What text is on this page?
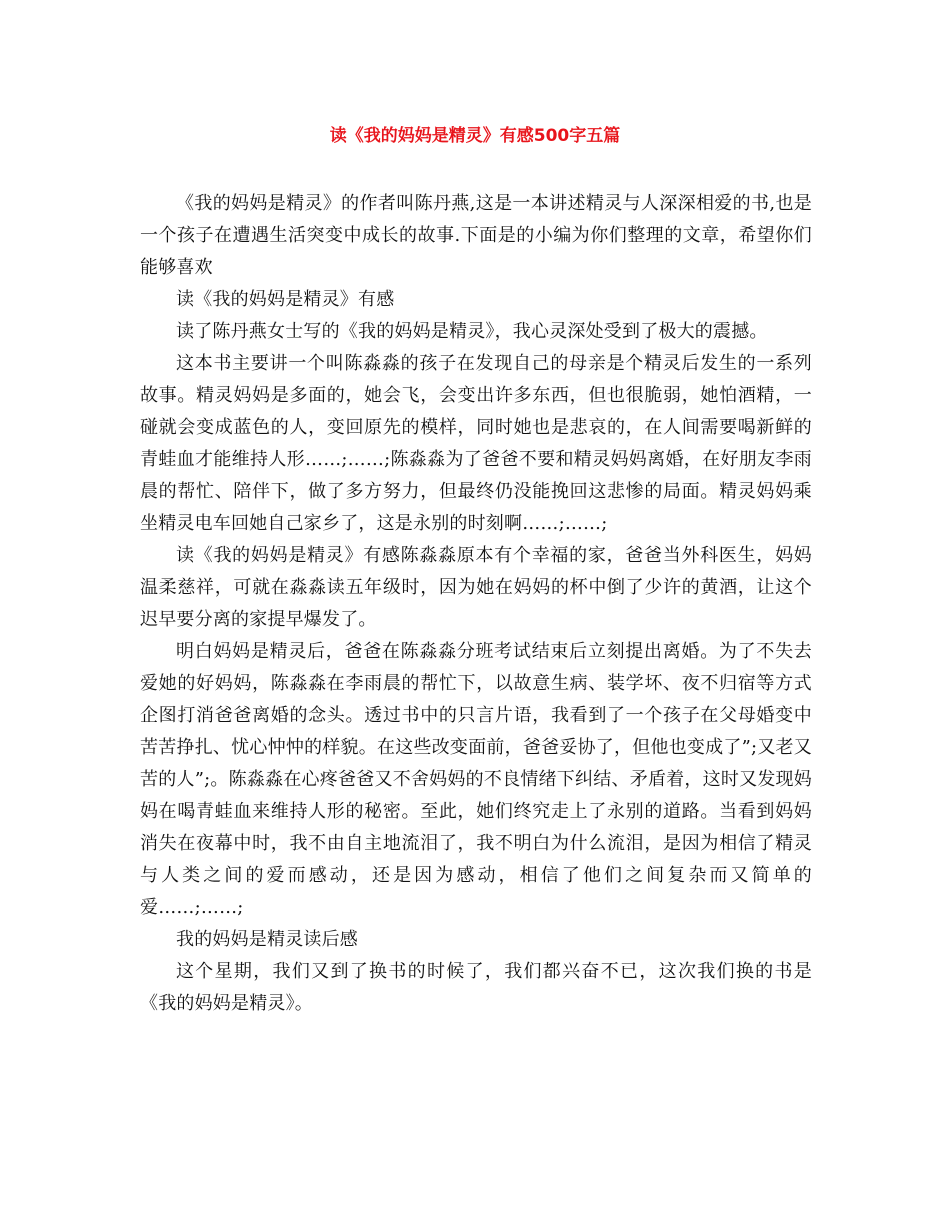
读《我的妈妈是精灵》有感500字五篇

《我的妈妈是精灵》的作者叫陈丹燕,这是一本讲述精灵与人深深相爱的书,也是一个孩子在遭遇生活突变中成长的故事.下面是的小编为你们整理的文章，希望你们能够喜欢

读《我的妈妈是精灵》有感

读了陈丹燕女士写的《我的妈妈是精灵》，我心灵深处受到了极大的震撼。

这本书主要讲一个叫陈淼淼的孩子在发现自己的母亲是个精灵后发生的一系列故事。精灵妈妈是多面的，她会飞，会变出许多东西，但也很脆弱，她怕酒精，一碰就会变成蓝色的人，变回原先的模样，同时她也是悲哀的，在人间需要喝新鲜的青蛙血才能维持人形……;……;陈淼淼为了爸爸不要和精灵妈妈离婚，在好朋友李雨晨的帮忙、陪伴下，做了多方努力，但最终仍没能挽回这悲惨的局面。精灵妈妈乘坐精灵电车回她自己家乡了，这是永别的时刻啊……;……;

读《我的妈妈是精灵》有感陈淼淼原本有个幸福的家，爸爸当外科医生，妈妈温柔慈祥，可就在淼淼读五年级时，因为她在妈妈的杯中倒了少许的黄酒，让这个迟早要分离的家提早爆发了。

明白妈妈是精灵后，爸爸在陈淼淼分班考试结束后立刻提出离婚。为了不失去爱她的好妈妈，陈淼淼在李雨晨的帮忙下，以故意生病、装学坏、夜不归宿等方式企图打消爸爸离婚的念头。透过书中的只言片语，我看到了一个孩子在父母婚变中苦苦挣扎、忧心忡忡的样貌。在这些改变面前，爸爸妥协了，但他也变成了”;又老又苦的人”;。陈淼淼在心疼爸爸又不舍妈妈的不良情绪下纠结、矛盾着，这时又发现妈妈在喝青蛙血来维持人形的秘密。至此，她们终究走上了永别的道路。当看到妈妈消失在夜幕中时，我不由自主地流泪了，我不明白为什么流泪，是因为相信了精灵与人类之间的爱而感动，还是因为感动，相信了他们之间复杂而又简单的爱……;……;

我的妈妈是精灵读后感

这个星期，我们又到了换书的时候了，我们都兴奋不已，这次我们换的书是《我的妈妈是精灵》。
